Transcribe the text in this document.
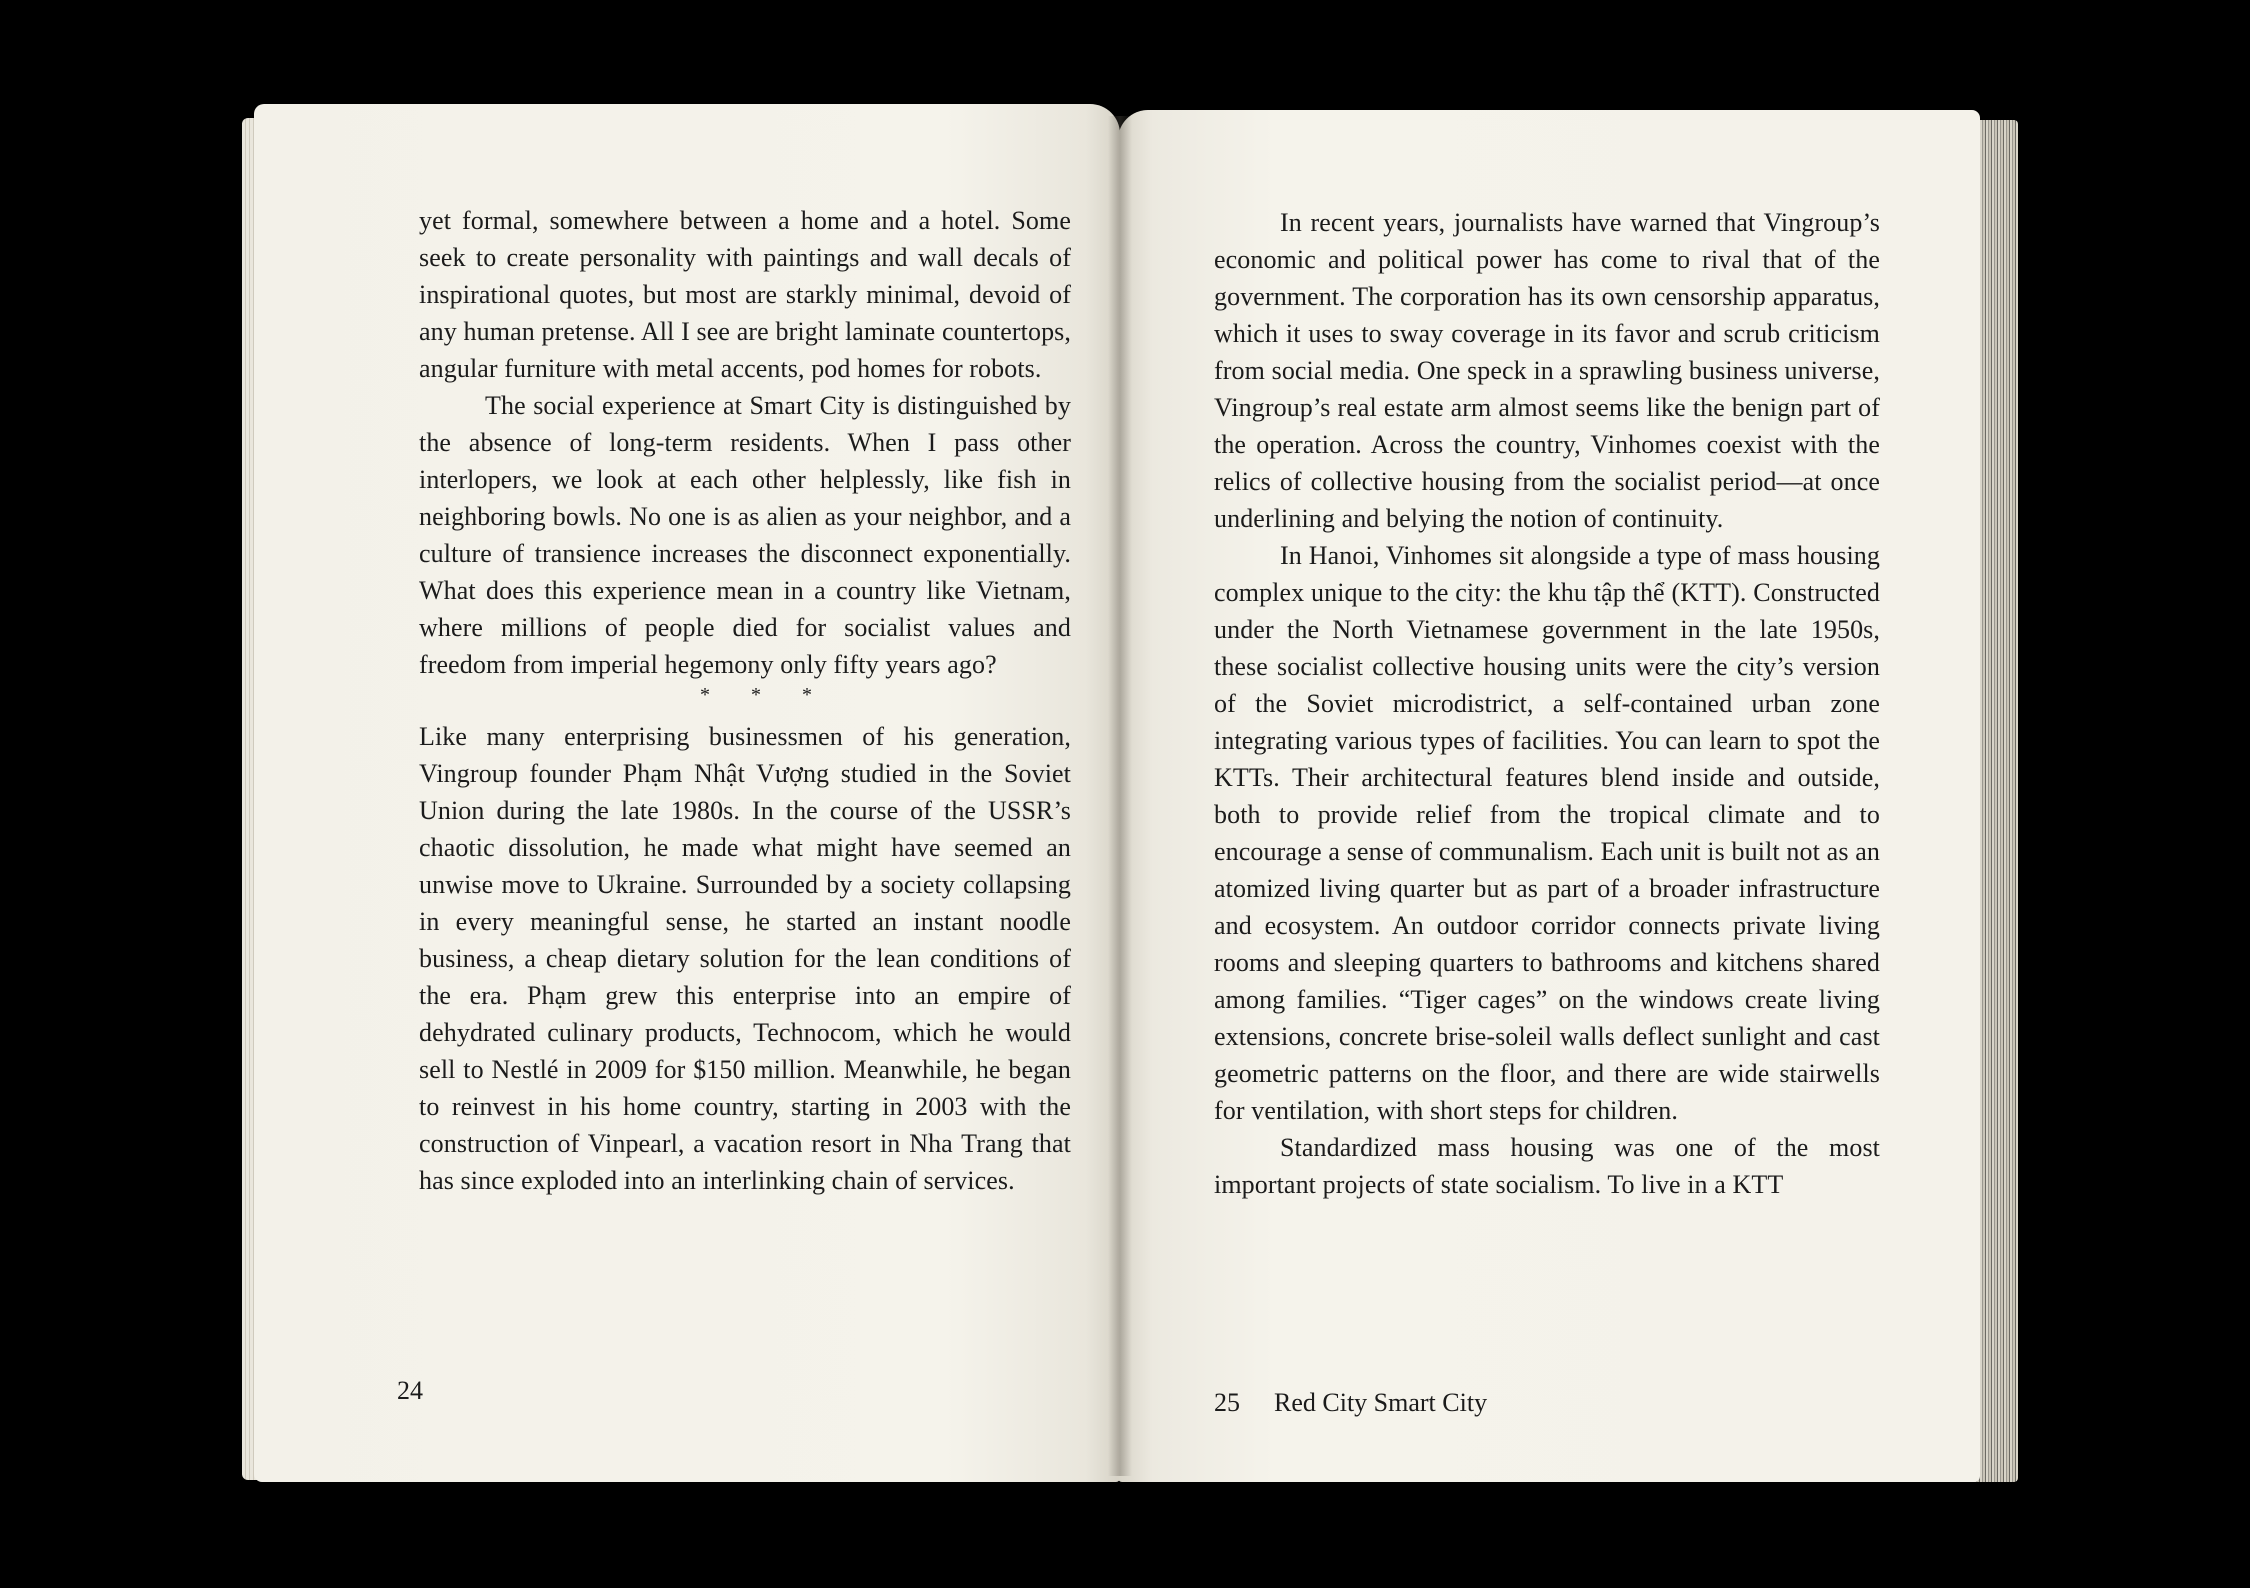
yet formal, somewhere between a home and a hotel. Some seek to create personality with paintings and wall decals of inspirational quotes, but most are starkly minimal, devoid of any human pretense. All I see are bright laminate countertops, angular furniture with metal accents, pod homes for robots.

The social experience at Smart City is distinguished by the absence of long-term residents. When I pass other interlopers, we look at each other helplessly, like fish in neighboring bowls. No one is as alien as your neighbor, and a culture of transience increases the disconnect exponentially. What does this experience mean in a country like Vietnam, where millions of people died for socialist values and freedom from imperial hegemony only fifty years ago?

* * *

Like many enterprising businessmen of his generation, Vingroup founder Phạm Nhật Vượng studied in the Soviet Union during the late 1980s. In the course of the USSR’s chaotic dissolution, he made what might have seemed an unwise move to Ukraine. Surrounded by a society collapsing in every meaningful sense, he started an instant noodle business, a cheap dietary solution for the lean conditions of the era. Phạm grew this enterprise into an empire of dehydrated culinary products, Technocom, which he would sell to Nestlé in 2009 for $150 million. Meanwhile, he began to reinvest in his home country, starting in 2003 with the construction of Vinpearl, a vacation resort in Nha Trang that has since exploded into an interlinking chain of services.

24

In recent years, journalists have warned that Vingroup’s economic and political power has come to rival that of the government. The corporation has its own censorship apparatus, which it uses to sway coverage in its favor and scrub criticism from social media. One speck in a sprawling business universe, Vingroup’s real estate arm almost seems like the benign part of the operation. Across the country, Vinhomes coexist with the relics of collective housing from the socialist period—at once underlining and belying the notion of continuity.

In Hanoi, Vinhomes sit alongside a type of mass housing complex unique to the city: the khu tập thể (KTT). Constructed under the North Vietnamese government in the late 1950s, these socialist collective housing units were the city’s version of the Soviet microdistrict, a self-contained urban zone integrating various types of facilities. You can learn to spot the KTTs. Their architectural features blend inside and outside, both to provide relief from the tropical climate and to encourage a sense of communalism. Each unit is built not as an atomized living quarter but as part of a broader infrastructure and ecosystem. An outdoor corridor connects private living rooms and sleeping quarters to bathrooms and kitchens shared among families. “Tiger cages” on the windows create living extensions, concrete brise-soleil walls deflect sunlight and cast geometric patterns on the floor, and there are wide stairwells for ventilation, with short steps for children.

Standardized mass housing was one of the most important projects of state socialism. To live in a KTT

25 Red City Smart City
